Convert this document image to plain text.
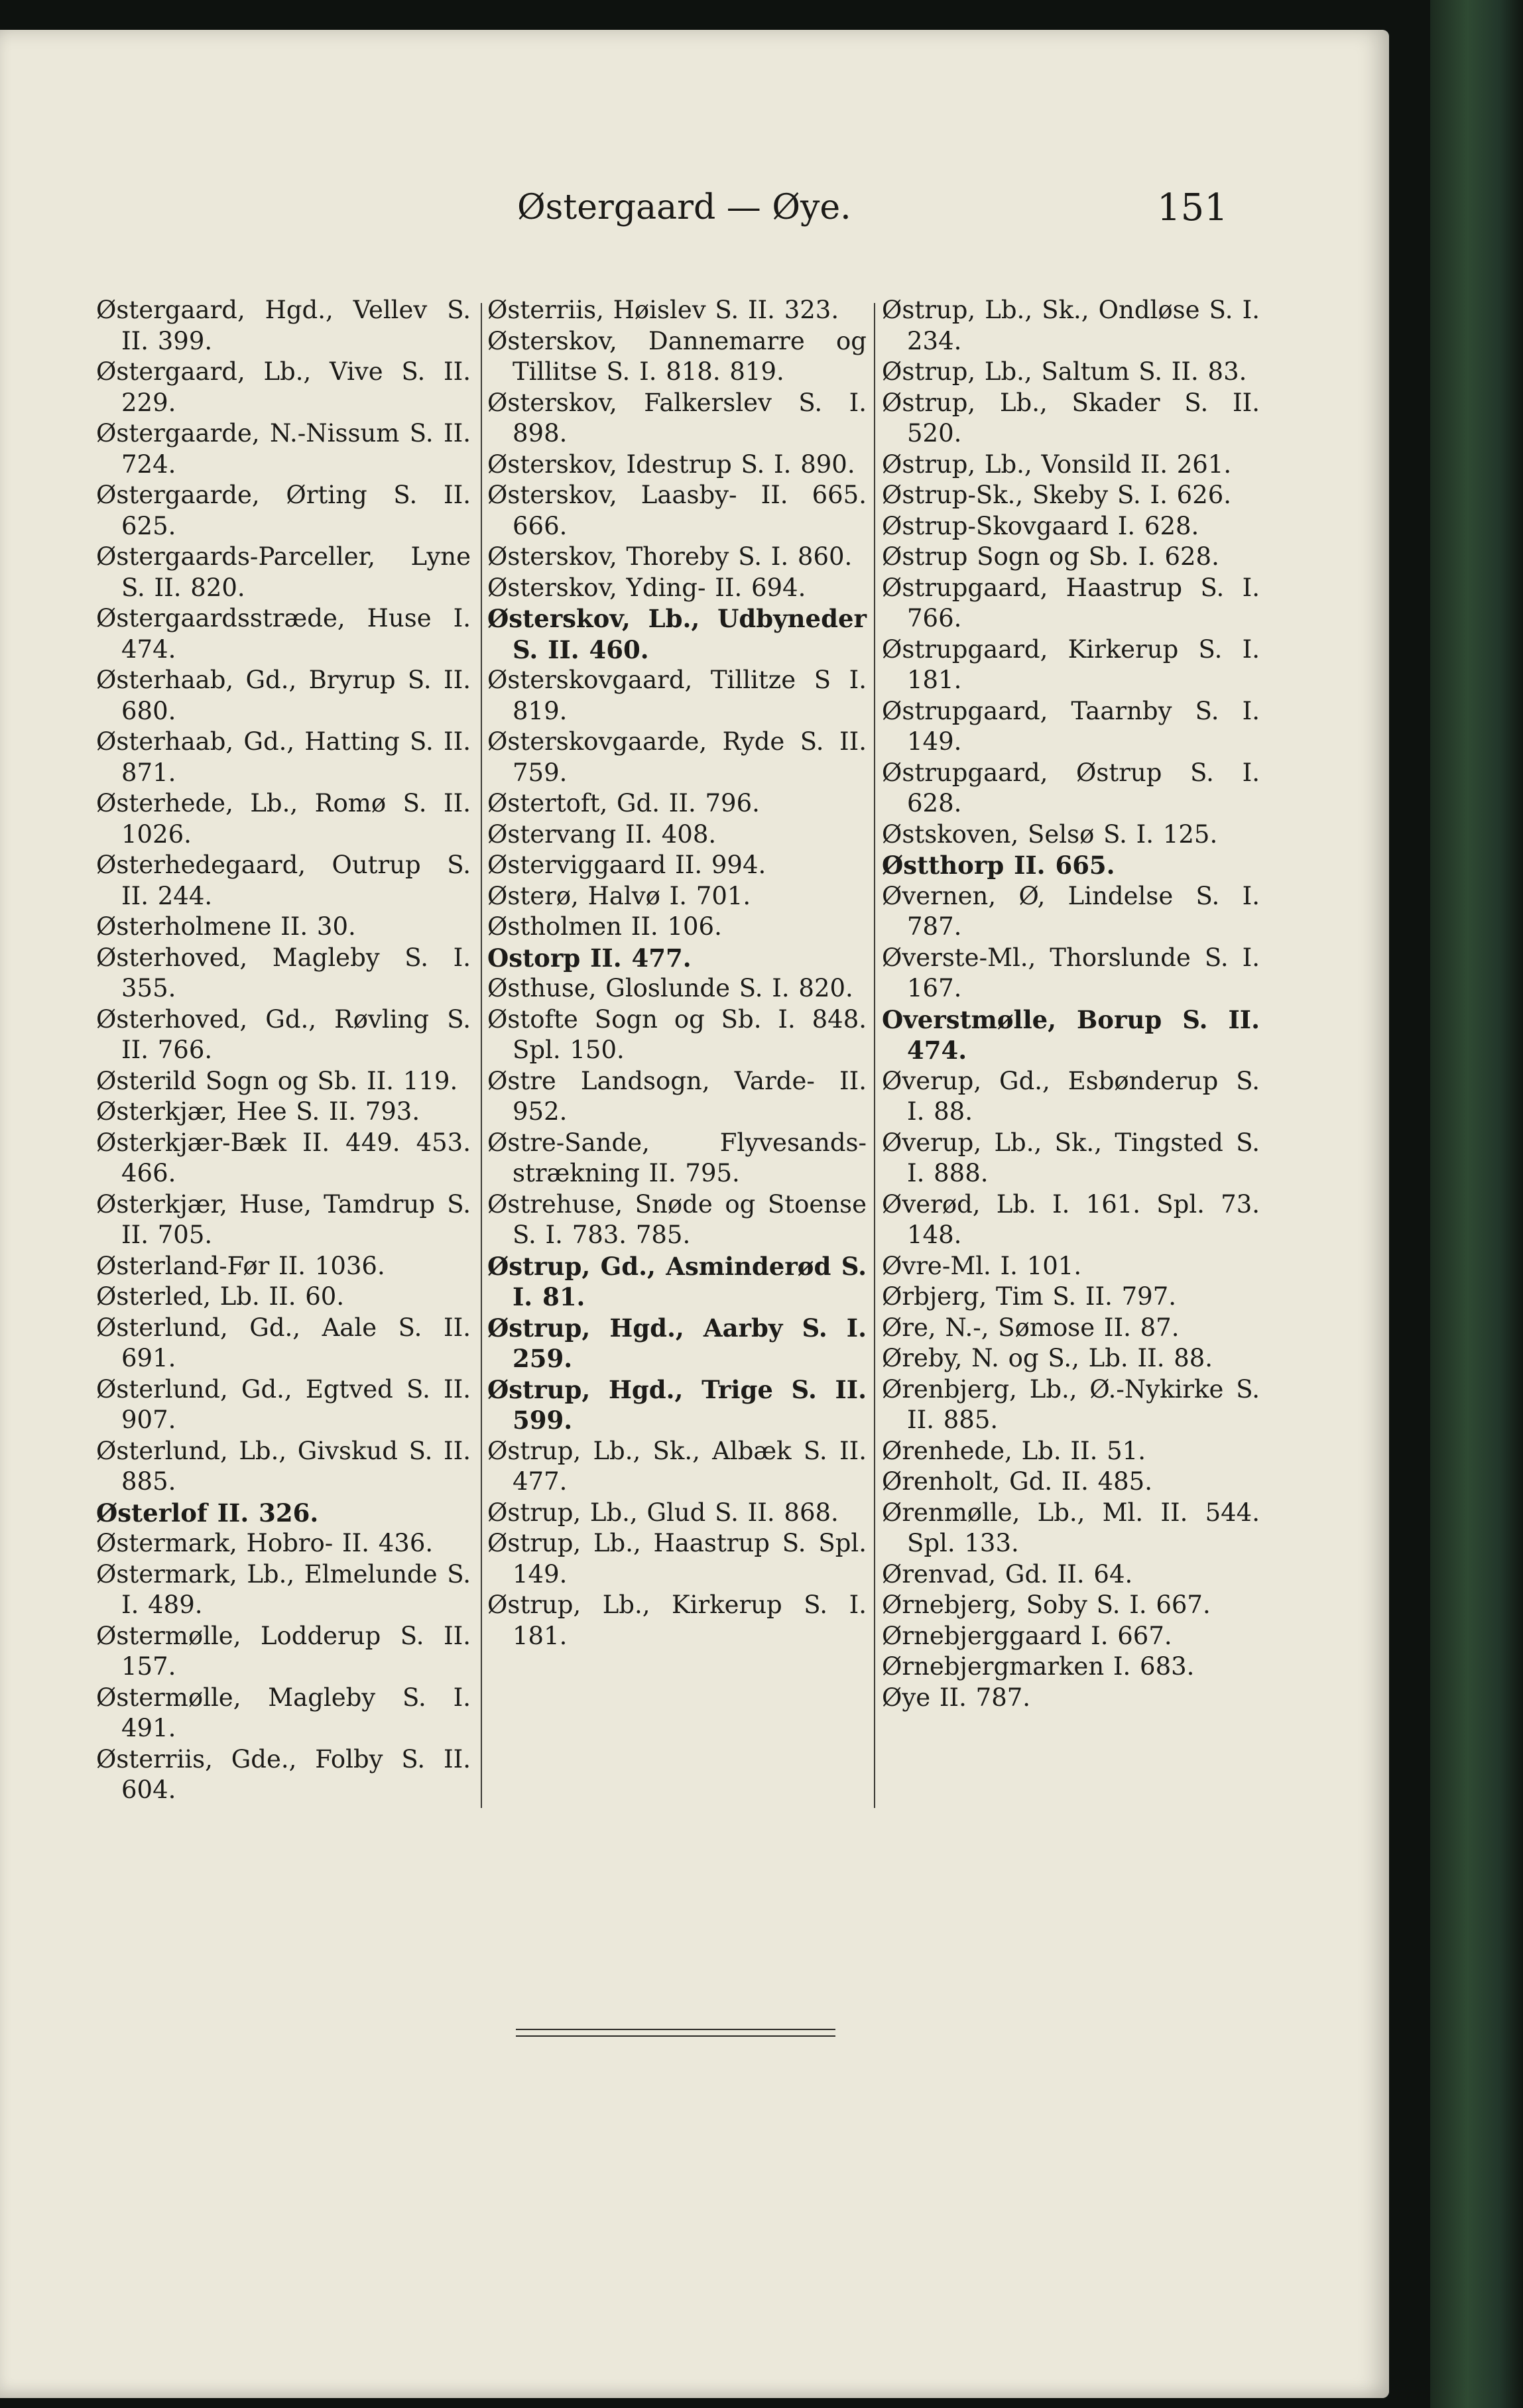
Østergaard — Øye.	151
Østergaard, Hgd., Vellev S. II. 399.
Østergaard, Lb., Vive S. II. 229.
Østergaarde, N.-Nissum S. II. 724.
Østergaarde, Ørting S. II. 625.
Østergaards-Parceller, Lyne S. II. 820.
Østergaardsstræde, Huse I. 474.
Østerhaab, Gd., Bryrup S. II. 680.
Østerhaab, Gd., Hatting S. II. 871.
Østerhede, Lb., Romø S. II. 1026.
Østerhedegaard, Outrup S. II. 244.
Østerholmene II. 30.
Østerhoved, Magleby S. I. 355.
Østerhoved, Gd., Røvling S. II. 766.
Østerild Sogn og Sb. II. 119.
Østerkjær, Hee S. II. 793.
Østerkjær-Bæk II. 449. 453. 466.
Østerkjær, Huse, Tamdrup S. II. 705.
Østerland-Før II. 1036.
Østerled, Lb. II. 60.
Østerlund, Gd., Aale S. II. 691.
Østerlund, Gd., Egtved S. II. 907.
Østerlund, Lb., Givskud S. II. 885.
Østerlof II. 326.
Østermark, Hobro- II. 436.
Østermark, Lb., Elmelunde S. I. 489.
Østermølle, Lodderup S. II. 157.
Østermølle, Magleby S. I. 491.
Østerriis, Gde., Folby S. II. 604.
Østerriis, Høislev S. II. 323.
Østerskov, Dannemarre og Tillitse S. I. 818. 819.
Østerskov, Falkerslev S. I. 898.
Østerskov, Idestrup S. I. 890.
Østerskov, Laasby- II. 665. 666.
Østerskov, Thoreby S. I. 860.
Østerskov, Yding- II. 694.
Østerskov, Lb., Udbyneder S. II. 460.
Østerskovgaard, Tillitze S I. 819.
Østerskovgaarde, Ryde S. II. 759.
Østertoft, Gd. II. 796.
Østervang II. 408.
Østerviggaard II. 994.
Østerø, Halvø I. 701.
Østholmen II. 106.
Ostorp II. 477.
Østhuse, Gloslunde S. I. 820.
Østofte Sogn og Sb. I. 848. Spl. 150.
Østre Landsogn, Varde- II. 952.
Østre-Sande, Flyvesands-strækning II. 795.
Østrehuse, Snøde og Stoense S. I. 783. 785.
Østrup, Gd., Asminderød S. I. 81.
Østrup, Hgd., Aarby S. I. 259.
Østrup, Hgd., Trige S. II. 599.
Østrup, Lb., Sk., Albæk S. II. 477.
Østrup, Lb., Glud S. II. 868.
Østrup, Lb., Haastrup S. Spl. 149.
Østrup, Lb., Kirkerup S. I. 181.
Østrup, Lb., Sk., Ondløse S. I. 234.
Østrup, Lb., Saltum S. II. 83.
Østrup, Lb., Skader S. II. 520.
Østrup, Lb., Vonsild II. 261.
Østrup-Sk., Skeby S. I. 626.
Østrup-Skovgaard I. 628.
Østrup Sogn og Sb. I. 628.
Østrupgaard, Haastrup S. I. 766.
Østrupgaard, Kirkerup S. I. 181.
Østrupgaard, Taarnby S. I. 149.
Østrupgaard, Østrup S. I. 628.
Østskoven, Selsø S. I. 125.
Østthorp II. 665.
Øvernen, Ø, Lindelse S. I. 787.
Øverste-Ml., Thorslunde S. I. 167.
Overstmølle, Borup S. II. 474.
Øverup, Gd., Esbønderup S. I. 88.
Øverup, Lb., Sk., Tingsted S. I. 888.
Øverød, Lb. I. 161. Spl. 73. 148.
Øvre-Ml. I. 101.
Ørbjerg, Tim S. II. 797.
Øre, N.-, Sømose II. 87.
Øreby, N. og S., Lb. II. 88.
Ørenbjerg, Lb., Ø.-Nykirke S. II. 885.
Ørenhede, Lb. II. 51.
Ørenholt, Gd. II. 485.
Ørenmølle, Lb., Ml. II. 544. Spl. 133.
Ørenvad, Gd. II. 64.
Ørnebjerg, Soby S. I. 667.
Ørnebjerggaard I. 667.
Ørnebjergmarken I. 683.
Øye II. 787.
